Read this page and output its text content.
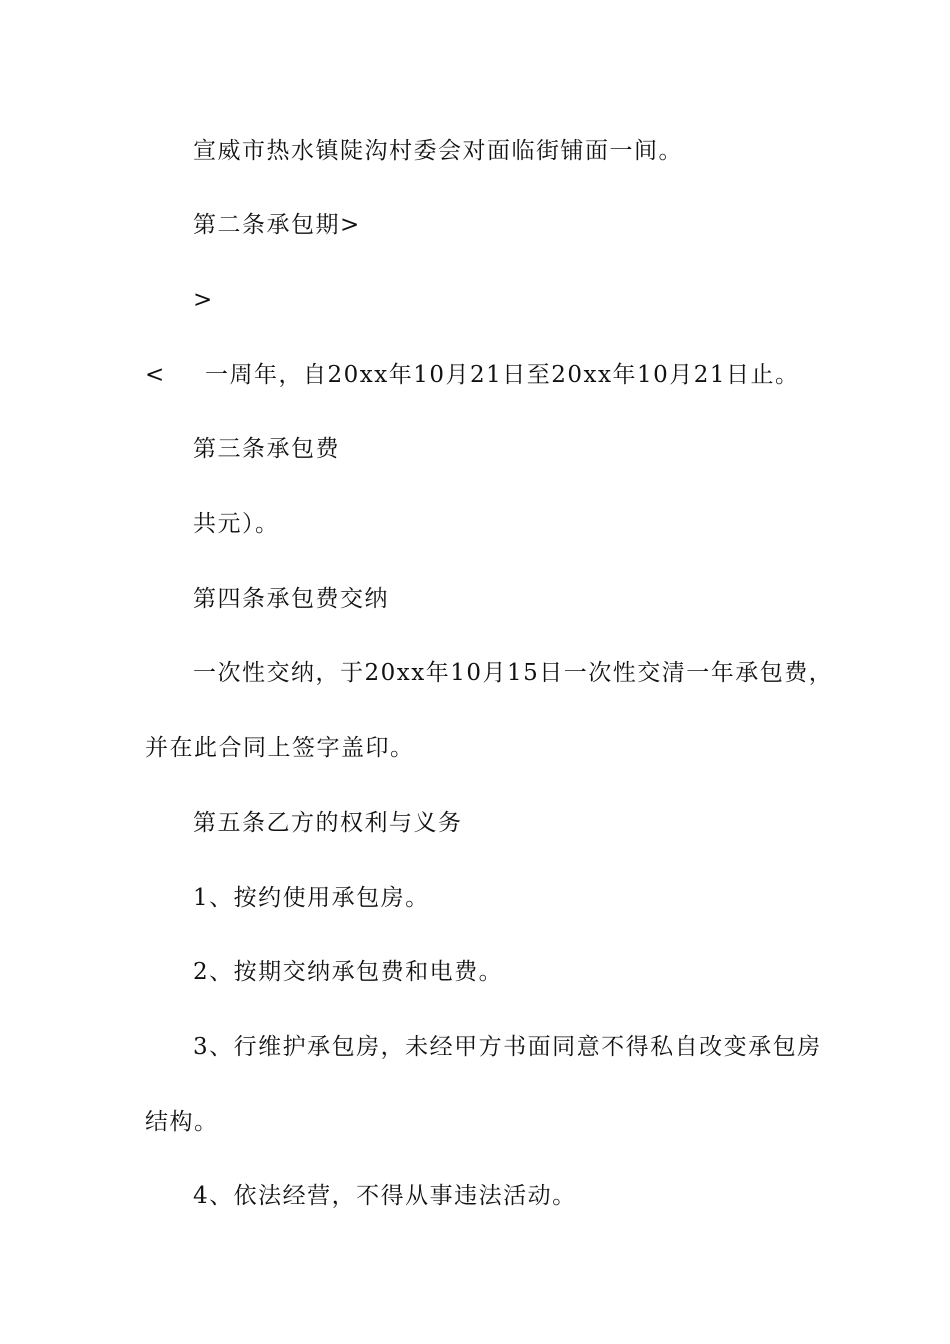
宣威市热水镇陡沟村委会对面临街铺面一间。
第二条承包期>
>
< 一周年，自20xx年10月21日至20xx年10月21日止。
第三条承包费
共元）。
第四条承包费交纳
一次性交纳，于20xx年10月15日一次性交清一年承包费，
并在此合同上签字盖印。
第五条乙方的权利与义务
1、按约使用承包房。
2、按期交纳承包费和电费。
3、行维护承包房，未经甲方书面同意不得私自改变承包房
结构。
4、依法经营，不得从事违法活动。
